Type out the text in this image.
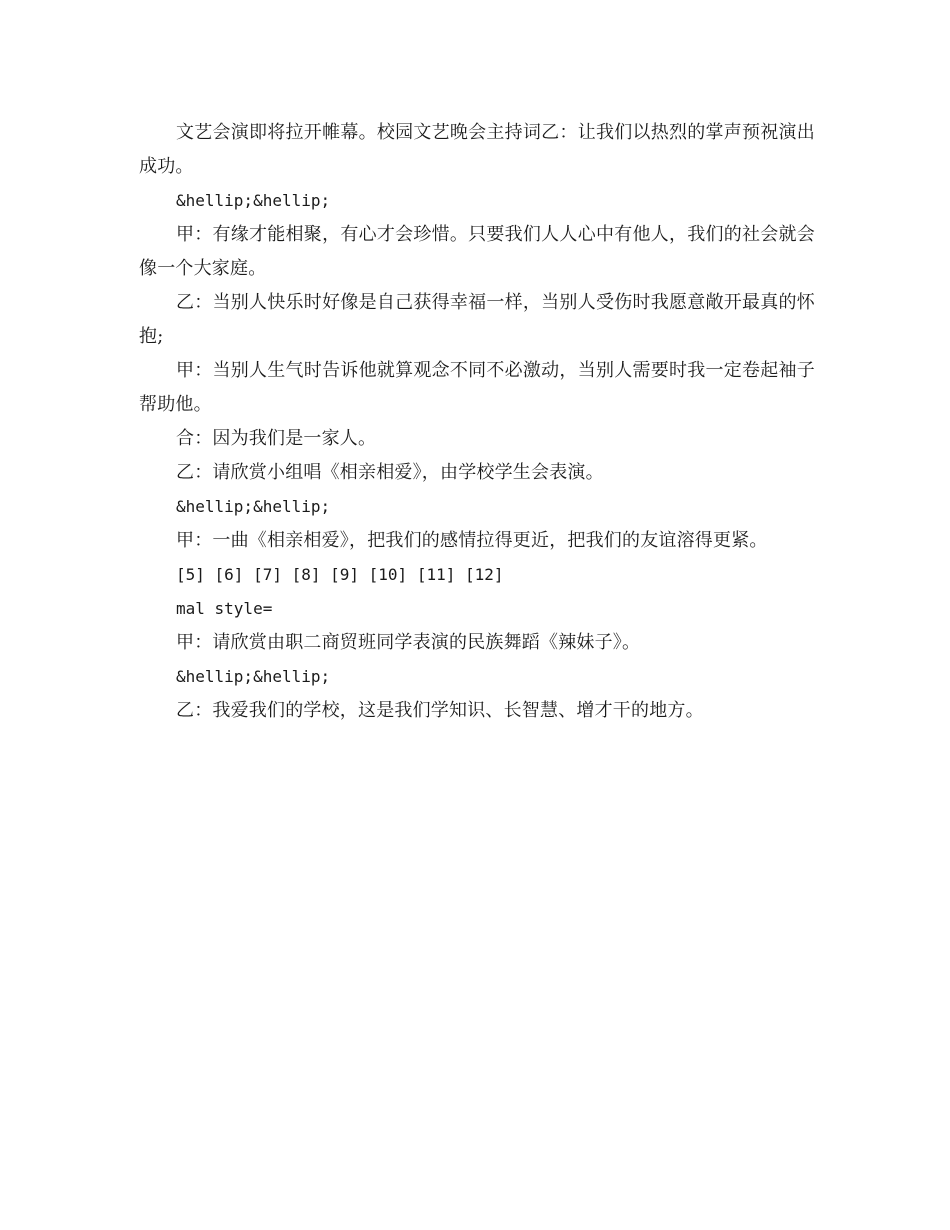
文艺会演即将拉开帷幕。校园文艺晚会主持词乙：让我们以热烈的掌声预祝演出成功。

&hellip;&hellip;

甲：有缘才能相聚，有心才会珍惜。只要我们人人心中有他人，我们的社会就会像一个大家庭。

乙：当别人快乐时好像是自己获得幸福一样，当别人受伤时我愿意敞开最真的怀抱;

甲：当别人生气时告诉他就算观念不同不必激动，当别人需要时我一定卷起袖子帮助他。

合：因为我们是一家人。

乙：请欣赏小组唱《相亲相爱》，由学校学生会表演。

&hellip;&hellip;

甲：一曲《相亲相爱》，把我们的感情拉得更近，把我们的友谊溶得更紧。

[5] [6] [7] [8] [9] [10] [11] [12]

mal style=

甲：请欣赏由职二商贸班同学表演的民族舞蹈《辣妹子》。

&hellip;&hellip;

乙：我爱我们的学校，这是我们学知识、长智慧、增才干的地方。
